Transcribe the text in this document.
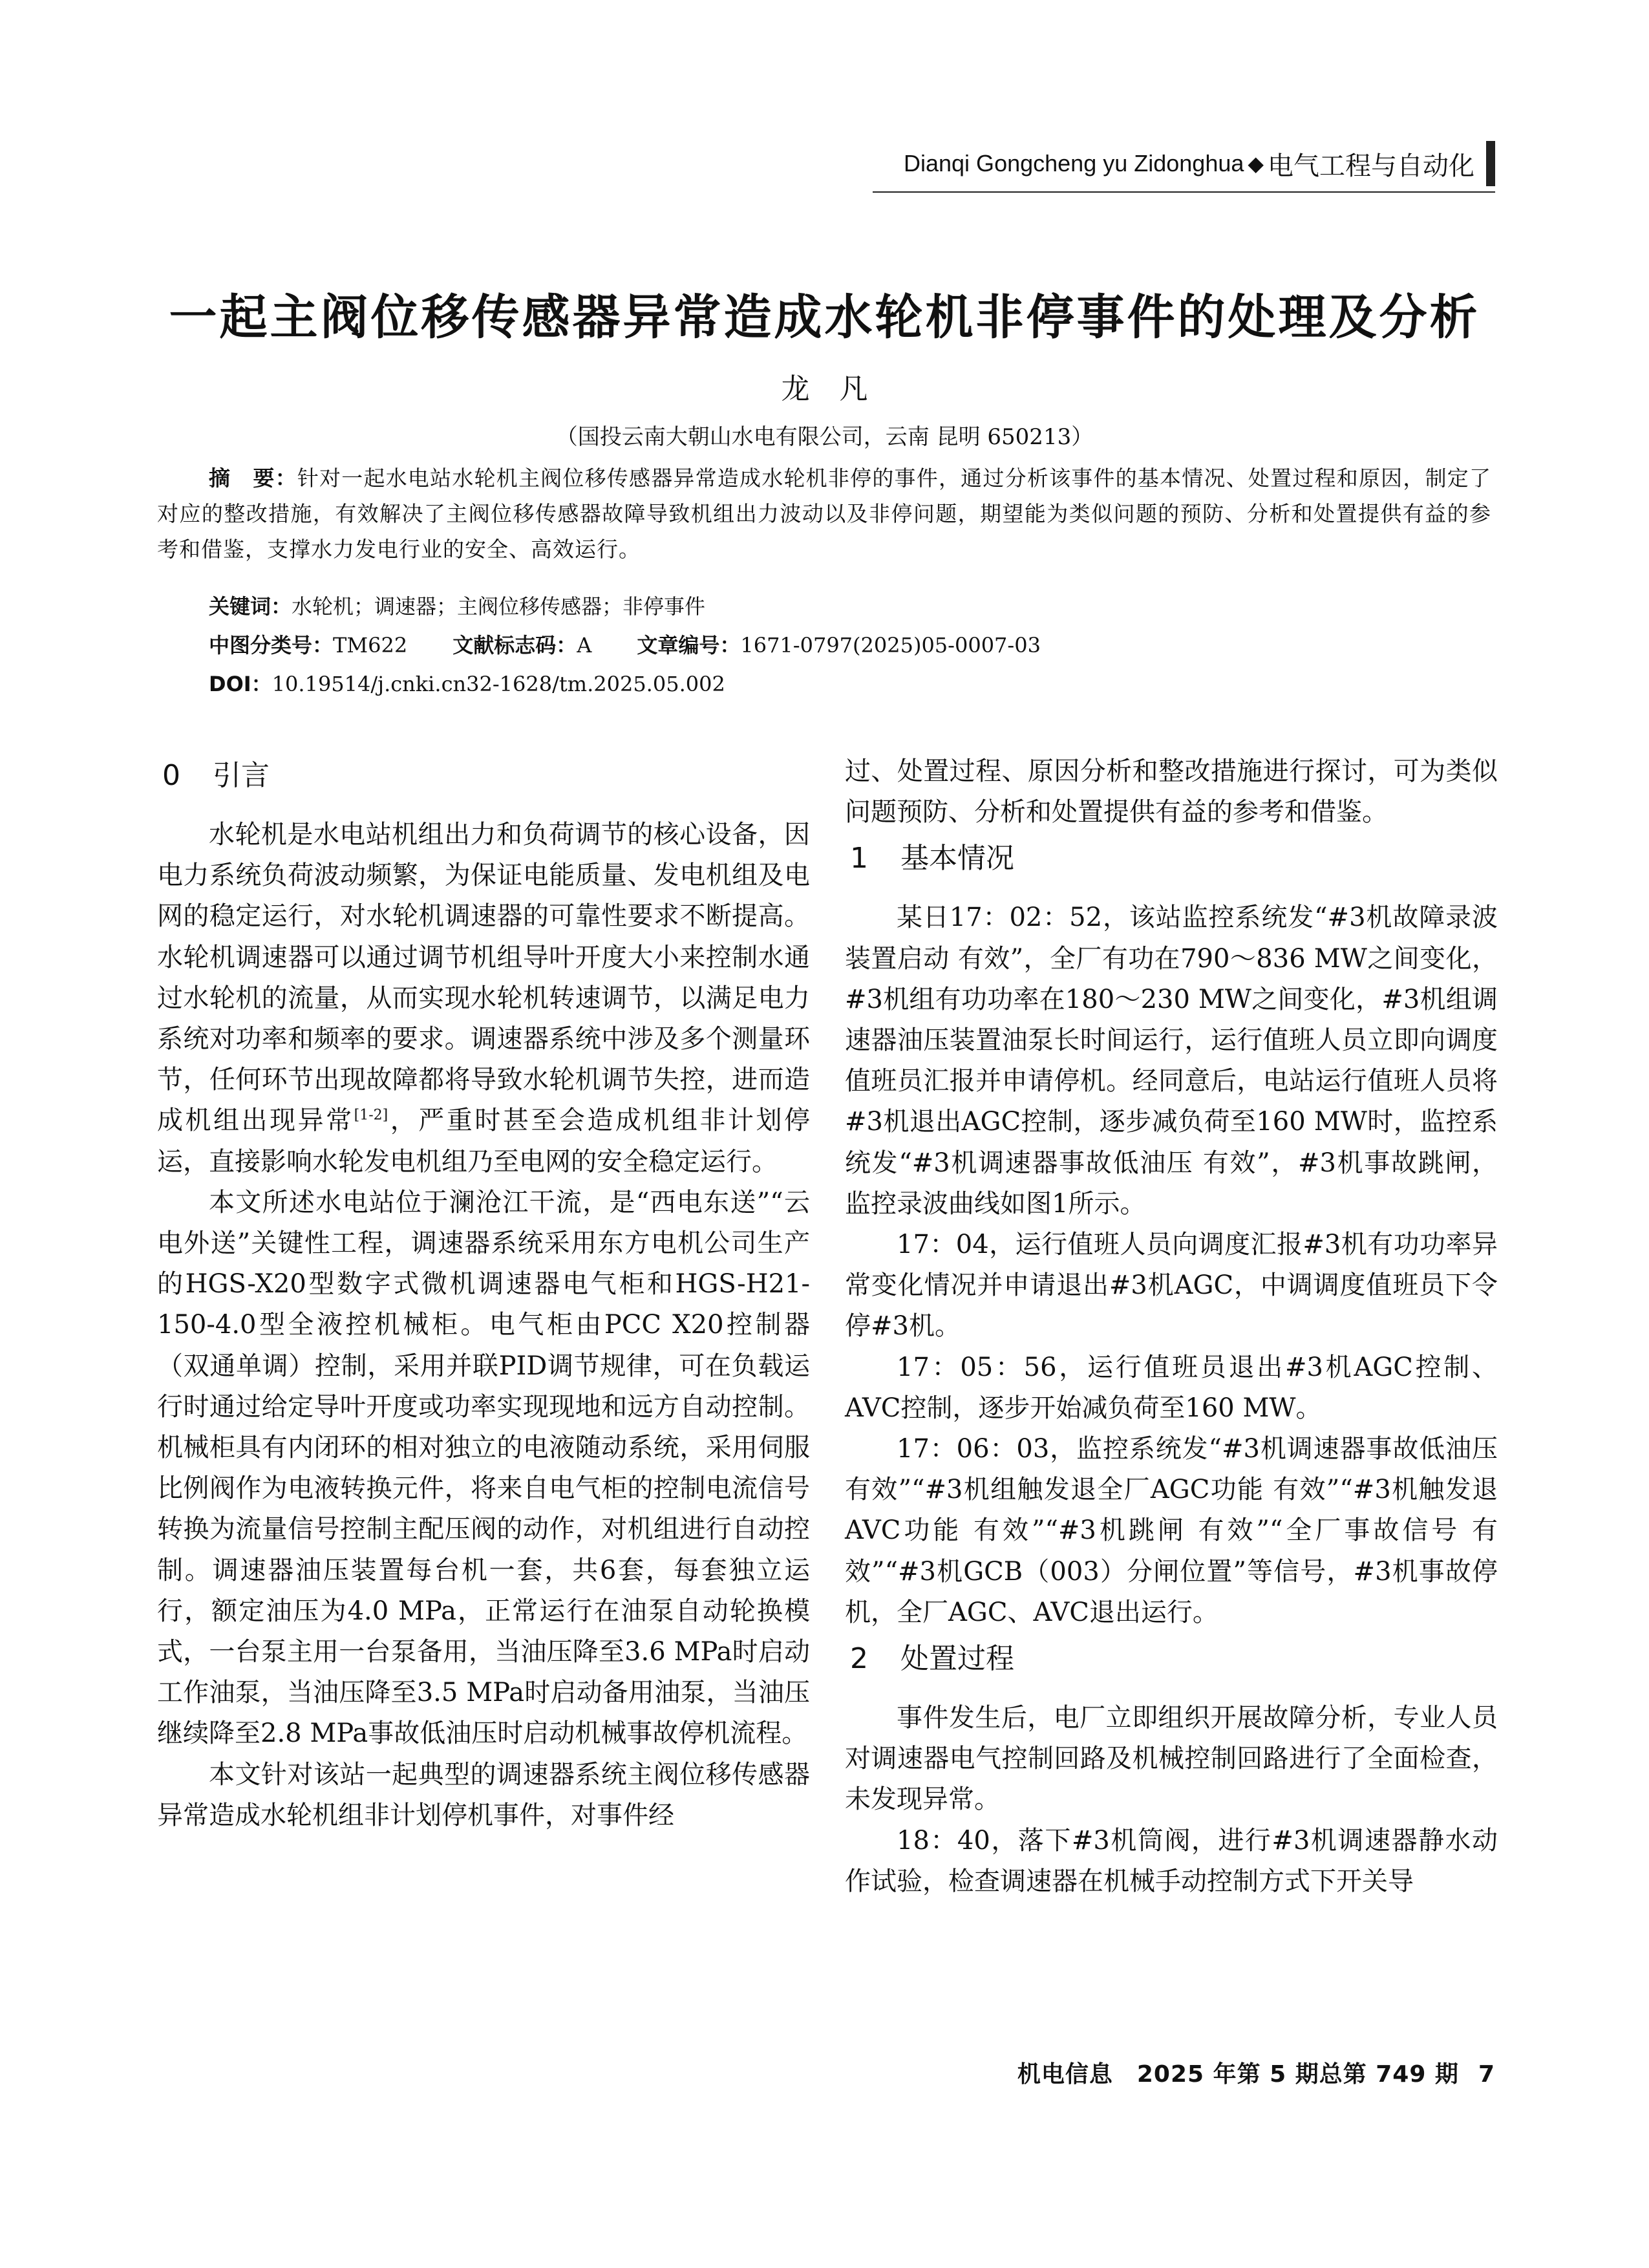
Dianqi Gongcheng yu Zidonghua ◆ 电气工程与自动化
一起主阀位移传感器异常造成水轮机非停事件的处理及分析
龙凡
（国投云南大朝山水电有限公司，云南 昆明 650213）
摘　要：针对一起水电站水轮机主阀位移传感器异常造成水轮机非停的事件，通过分析该事件的基本情况、处置过程和原因，制定了对应的整改措施，有效解决了主阀位移传感器故障导致机组出力波动以及非停问题，期望能为类似问题的预防、分析和处置提供有益的参考和借鉴，支撑水力发电行业的安全、高效运行。
关键词：水轮机；调速器；主阀位移传感器；非停事件
中图分类号：TM622 文献标志码：A 文章编号：1671-0797(2025)05-0007-03
DOI：10.19514/j.cnki.cn32-1628/tm.2025.05.002
0 引言

水轮机是水电站机组出力和负荷调节的核心设备，因电力系统负荷波动频繁，为保证电能质量、发电机组及电网的稳定运行，对水轮机调速器的可靠性要求不断提高。水轮机调速器可以通过调节机组导叶开度大小来控制水通过水轮机的流量，从而实现水轮机转速调节，以满足电力系统对功率和频率的要求。调速器系统中涉及多个测量环节，任何环节出现故障都将导致水轮机调节失控，进而造成机组出现异常[1-2]，严重时甚至会造成机组非计划停运，直接影响水轮发电机组乃至电网的安全稳定运行。

本文所述水电站位于澜沧江干流，是“西电东送”“云电外送”关键性工程，调速器系统采用东方电机公司生产的HGS-X20型数字式微机调速器电气柜和HGS-H21-150-4.0型全液控机械柜。电气柜由PCC X20控制器（双通单调）控制，采用并联PID调节规律，可在负载运行时通过给定导叶开度或功率实现现地和远方自动控制。机械柜具有内闭环的相对独立的电液随动系统，采用伺服比例阀作为电液转换元件，将来自电气柜的控制电流信号转换为流量信号控制主配压阀的动作，对机组进行自动控制。调速器油压装置每台机一套，共6套，每套独立运行，额定油压为4.0 MPa，正常运行在油泵自动轮换模式，一台泵主用一台泵备用，当油压降至3.6 MPa时启动工作油泵，当油压降至3.5 MPa时启动备用油泵，当油压继续降至2.8 MPa事故低油压时启动机械事故停机流程。

本文针对该站一起典型的调速器系统主阀位移传感器异常造成水轮机组非计划停机事件，对事件经

过、处置过程、原因分析和整改措施进行探讨，可为类似问题预防、分析和处置提供有益的参考和借鉴。

1 基本情况

某日17：02：52，该站监控系统发“#3机故障录波装置启动 有效”，全厂有功在790～836 MW之间变化，#3机组有功功率在180～230 MW之间变化，#3机组调速器油压装置油泵长时间运行，运行值班人员立即向调度值班员汇报并申请停机。经同意后，电站运行值班人员将#3机退出AGC控制，逐步减负荷至160 MW时，监控系统发“#3机调速器事故低油压 有效”，#3机事故跳闸，监控录波曲线如图1所示。

17：04，运行值班人员向调度汇报#3机有功功率异常变化情况并申请退出#3机AGC，中调调度值班员下令停#3机。

17：05：56，运行值班员退出#3机AGC控制、AVC控制，逐步开始减负荷至160 MW。

17：06：03，监控系统发“#3机调速器事故低油压有效”“#3机组触发退全厂AGC功能 有效”“#3机触发退AVC功能 有效”“#3机跳闸 有效”“全厂事故信号 有效”“#3机GCB（003）分闸位置”等信号，#3机事故停机，全厂AGC、AVC退出运行。

2 处置过程

事件发生后，电厂立即组织开展故障分析，专业人员对调速器电气控制回路及机械控制回路进行了全面检查，未发现异常。

18：40，落下#3机筒阀，进行#3机调速器静水动作试验，检查调速器在机械手动控制方式下开关导

机电信息　2025 年第 5 期总第 749 期 7
